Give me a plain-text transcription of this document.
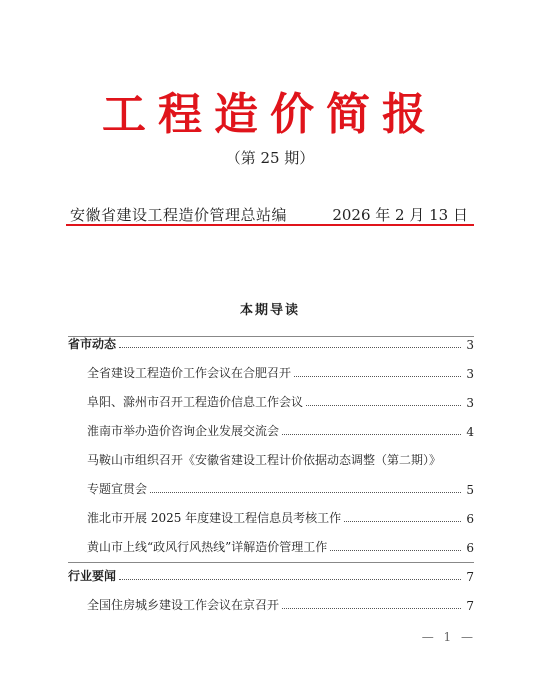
工程造价简报
（第 25 期）
安徽省建设工程造价管理总站编	2026 年 2 月 13 日
本期导读
省市动态	3
全省建设工程造价工作会议在合肥召开	3
阜阳、滁州市召开工程造价信息工作会议	3
淮南市举办造价咨询企业发展交流会	4
马鞍山市组织召开《安徽省建设工程计价依据动态调整（第二期）》
专题宣贯会	5
淮北市开展 2025 年度建设工程信息员考核工作	6
黄山市上线“政风行风热线”详解造价管理工作	6
行业要闻	7
全国住房城乡建设工作会议在京召开	7
— 1 —
